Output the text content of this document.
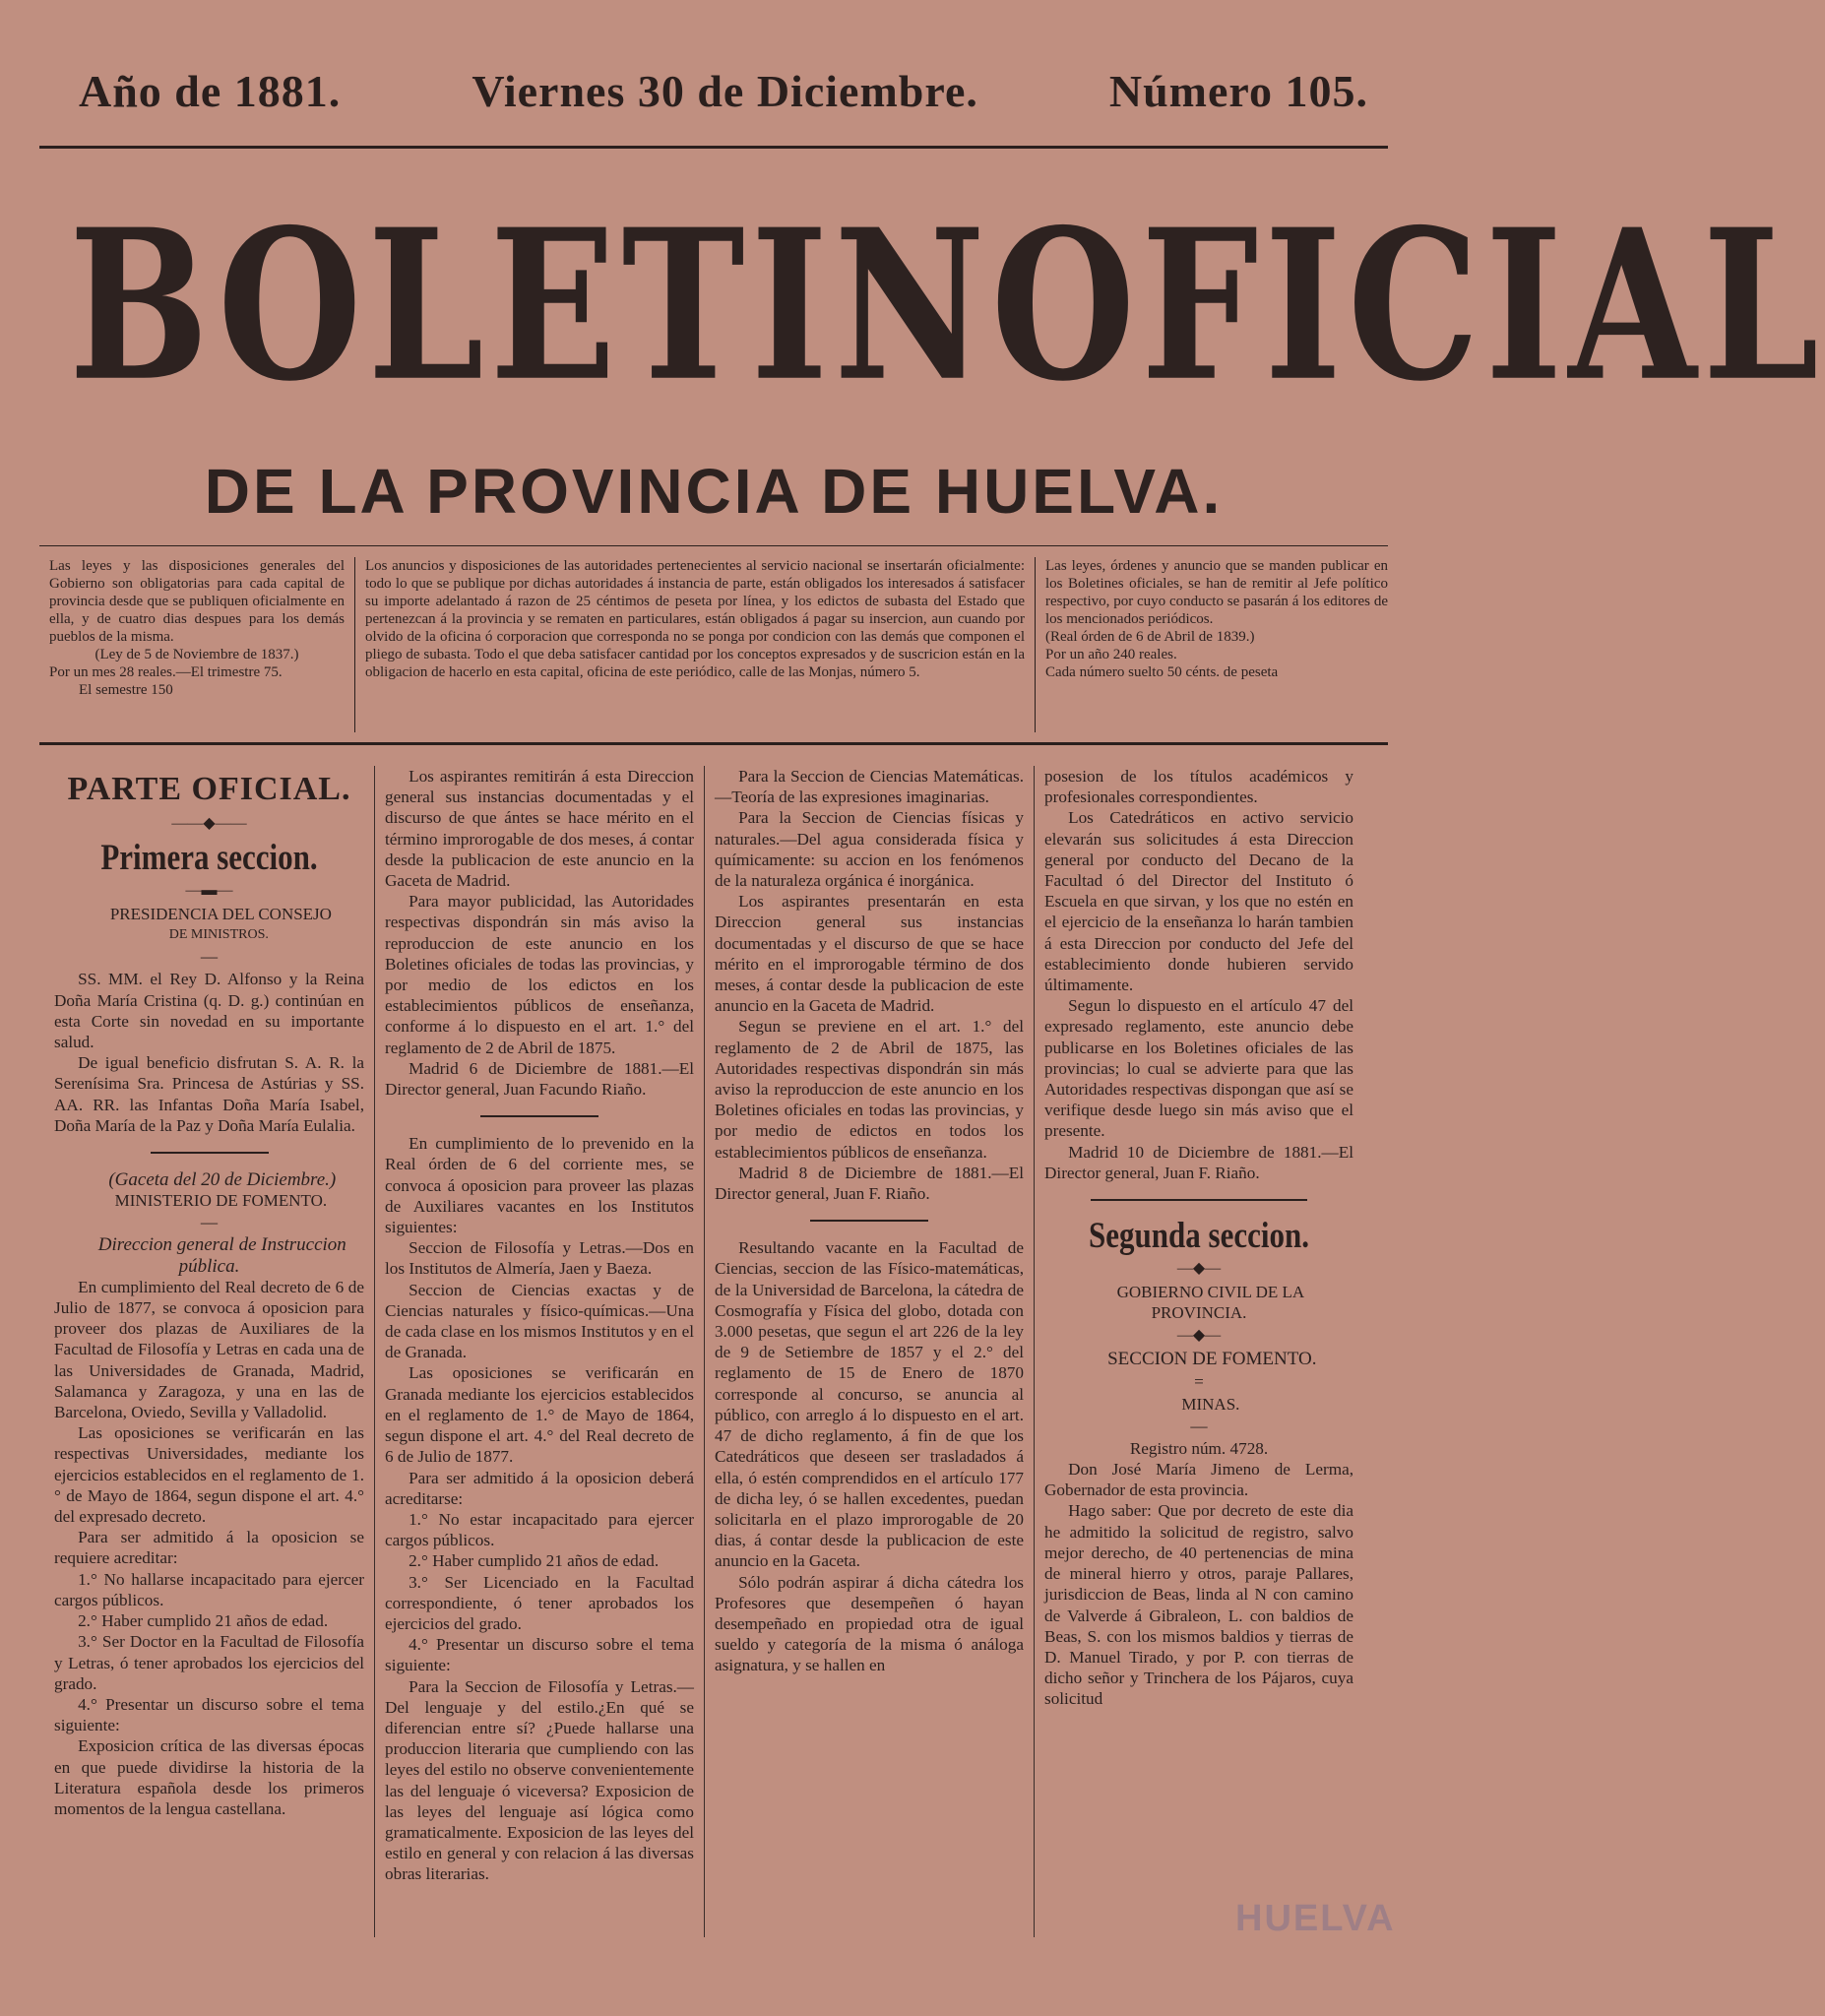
Año de 1881.	Viernes 30 de Diciembre.	Número 105.
BOLETIN OFICIAL
DE LA PROVINCIA DE HUELVA.

Las leyes y las disposiciones generales del Gobierno son obligatorias para cada capital de provincia desde que se publiquen oficialmente en ella, y de cuatro dias despues para los demás pueblos de la misma.

(Ley de 5 de Noviembre de 1837.)

Por un mes 28 reales.—El trimestre 75.

El semestre 150

Los anuncios y disposiciones de las autoridades pertenecientes al servicio nacional se insertarán oficialmente: todo lo que se publique por dichas autoridades á instancia de parte, están obligados los interesados á satisfacer su importe adelantado á razon de 25 céntimos de peseta por línea, y los edictos de subasta del Estado que pertenezcan á la provincia y se rematen en particulares, están obligados á pagar su insercion, aun cuando por olvido de la oficina ó corporacion que corresponda no se ponga por condicion con las demás que componen el pliego de subasta. Todo el que deba satisfacer cantidad por los conceptos expresados y de suscricion están en la obligacion de hacerlo en esta capital, oficina de este periódico, calle de las Monjas, número 5.

Las leyes, órdenes y anuncio que se manden publicar en los Boletines oficiales, se han de remitir al Jefe político respectivo, por cuyo conducto se pasarán á los editores de los mencionados periódicos.

(Real órden de 6 de Abril de 1839.)

Por un año 240 reales.

Cada número suelto 50 cénts. de peseta

PARTE OFICIAL.
——◆——
Primera seccion.
—▬—

PRESIDENCIA DEL CONSEJO

DE MINISTROS.

—

SS. MM. el Rey D. Alfonso y la Reina Doña María Cristina (q. D. g.) continúan en esta Corte sin novedad en su importante salud.

De igual beneficio disfrutan S. A. R. la Serenísima Sra. Princesa de Astúrias y SS. AA. RR. las Infantas Doña María Isabel, Doña María de la Paz y Doña María Eulalia.

(Gaceta del 20 de Diciembre.)

MINISTERIO DE FOMENTO.

—

Direccion general de Instruccion pública.

En cumplimiento del Real decreto de 6 de Julio de 1877, se convoca á oposicion para proveer dos plazas de Auxiliares de la Facultad de Filosofía y Letras en cada una de las Universidades de Granada, Madrid, Salamanca y Zaragoza, y una en las de Barcelona, Oviedo, Sevilla y Valladolid.

Las oposiciones se verificarán en las respectivas Universidades, mediante los ejercicios establecidos en el reglamento de 1.° de Mayo de 1864, segun dispone el art. 4.° del expresado decreto.

Para ser admitido á la oposicion se requiere acreditar:

1.° No hallarse incapacitado para ejercer cargos públicos.

2.° Haber cumplido 21 años de edad.

3.° Ser Doctor en la Facultad de Filosofía y Letras, ó tener aprobados los ejercicios del grado.

4.° Presentar un discurso sobre el tema siguiente:

Exposicion crítica de las diversas épocas en que puede dividirse la historia de la Literatura española desde los primeros momentos de la lengua castellana.

Los aspirantes remitirán á esta Direccion general sus instancias documentadas y el discurso de que ántes se hace mérito en el término improrogable de dos meses, á contar desde la publicacion de este anuncio en la Gaceta de Madrid.

Para mayor publicidad, las Autoridades respectivas dispondrán sin más aviso la reproduccion de este anuncio en los Boletines oficiales de todas las provincias, y por medio de los edictos en los establecimientos públicos de enseñanza, conforme á lo dispuesto en el art. 1.° del reglamento de 2 de Abril de 1875.

Madrid 6 de Diciembre de 1881.—El Director general, Juan Facundo Riaño.

En cumplimiento de lo prevenido en la Real órden de 6 del corriente mes, se convoca á oposicion para proveer las plazas de Auxiliares vacantes en los Institutos siguientes:

Seccion de Filosofía y Letras.—Dos en los Institutos de Almería, Jaen y Baeza.

Seccion de Ciencias exactas y de Ciencias naturales y físico-químicas.—Una de cada clase en los mismos Institutos y en el de Granada.

Las oposiciones se verificarán en Granada mediante los ejercicios establecidos en el reglamento de 1.° de Mayo de 1864, segun dispone el art. 4.° del Real decreto de 6 de Julio de 1877.

Para ser admitido á la oposicion deberá acreditarse:

1.° No estar incapacitado para ejercer cargos públicos.

2.° Haber cumplido 21 años de edad.

3.° Ser Licenciado en la Facultad correspondiente, ó tener aprobados los ejercicios del grado.

4.° Presentar un discurso sobre el tema siguiente:

Para la Seccion de Filosofía y Letras.—Del lenguaje y del estilo.¿En qué se diferencian entre sí? ¿Puede hallarse una produccion literaria que cumpliendo con las leyes del estilo no observe convenientemente las del lenguaje ó viceversa? Exposicion de las leyes del lenguaje así lógica como gramaticalmente. Exposicion de las leyes del estilo en general y con relacion á las diversas obras literarias.

Para la Seccion de Ciencias Matemáticas.—Teoría de las expresiones imaginarias.

Para la Seccion de Ciencias físicas y naturales.—Del agua considerada física y químicamente: su accion en los fenómenos de la naturaleza orgánica é inorgánica.

Los aspirantes presentarán en esta Direccion general sus instancias documentadas y el discurso de que se hace mérito en el improrogable término de dos meses, á contar desde la publicacion de este anuncio en la Gaceta de Madrid.

Segun se previene en el art. 1.° del reglamento de 2 de Abril de 1875, las Autoridades respectivas dispondrán sin más aviso la reproduccion de este anuncio en los Boletines oficiales en todas las provincias, y por medio de edictos en todos los establecimientos públicos de enseñanza.

Madrid 8 de Diciembre de 1881.—El Director general, Juan F. Riaño.

Resultando vacante en la Facultad de Ciencias, seccion de las Físico-matemáticas, de la Universidad de Barcelona, la cátedra de Cosmografía y Física del globo, dotada con 3.000 pesetas, que segun el art 226 de la ley de 9 de Setiembre de 1857 y el 2.° del reglamento de 15 de Enero de 1870 corresponde al concurso, se anuncia al público, con arreglo á lo dispuesto en el art. 47 de dicho reglamento, á fin de que los Catedráticos que deseen ser trasladados á ella, ó estén comprendidos en el artículo 177 de dicha ley, ó se hallen excedentes, puedan solicitarla en el plazo improrogable de 20 dias, á contar desde la publicacion de este anuncio en la Gaceta.

Sólo podrán aspirar á dicha cátedra los Profesores que desempeñen ó hayan desempeñado en propiedad otra de igual sueldo y categoría de la misma ó análoga asignatura, y se hallen en

posesion de los títulos académicos y profesionales correspondientes.

Los Catedráticos en activo servicio elevarán sus solicitudes á esta Direccion general por conducto del Decano de la Facultad ó del Director del Instituto ó Escuela en que sirvan, y los que no estén en el ejercicio de la enseñanza lo harán tambien á esta Direccion por conducto del Jefe del establecimiento donde hubieren servido últimamente.

Segun lo dispuesto en el artículo 47 del expresado reglamento, este anuncio debe publicarse en los Boletines oficiales de las provincias; lo cual se advierte para que las Autoridades respectivas dispongan que así se verifique desde luego sin más aviso que el presente.

Madrid 10 de Diciembre de 1881.—El Director general, Juan F. Riaño.

Segunda seccion.
—◆—

GOBIERNO CIVIL DE LA PROVINCIA.

—◆—

SECCION DE FOMENTO.

=

MINAS.

—

Registro núm. 4728.

Don José María Jimeno de Lerma, Gobernador de esta provincia.

Hago saber: Que por decreto de este dia he admitido la solicitud de registro, salvo mejor derecho, de 40 pertenencias de mina de mineral hierro y otros, paraje Pallares, jurisdiccion de Beas, linda al N con camino de Valverde á Gibraleon, L. con baldios de Beas, S. con los mismos baldios y tierras de D. Manuel Tirado, y por P. con tierras de dicho señor y Trinchera de los Pájaros, cuya solicitud

HUELVA
